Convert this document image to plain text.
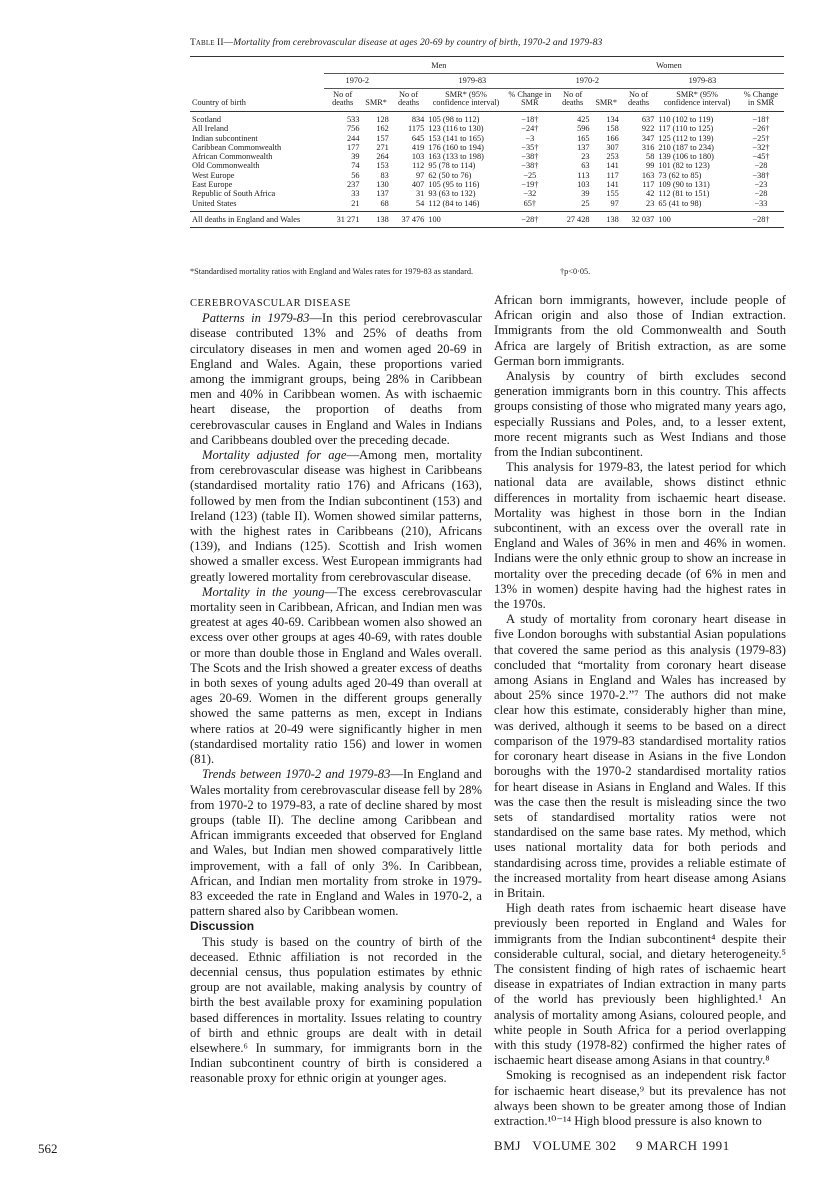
Table II—Mortality from cerebrovascular disease at ages 20-69 by country of birth, 1970-2 and 1979-83
	Men					Women				
	1970-2		1979-83			1970-2		1979-83		
Country of birth	No of deaths	SMR*	No of deaths	SMR* (95% confidence interval)	% Change in SMR	No of deaths	SMR*	No of deaths	SMR* (95% confidence interval)	% Change in SMR
Scotland	533	128	834	105 (98 to 112)	−18†	425	134	637	110 (102 to 119)	−18†
All Ireland	756	162	1175	123 (116 to 130)	−24†	596	158	922	117 (110 to 125)	−26†
Indian subcontinent	244	157	645	153 (141 to 165)	−3	165	166	347	125 (112 to 139)	−25†
Caribbean Commonwealth	177	271	419	176 (160 to 194)	−35†	137	307	316	210 (187 to 234)	−32†
African Commonwealth	39	264	103	163 (133 to 198)	−38†	23	253	58	139 (106 to 180)	−45†
Old Commonwealth	74	153	112	95 (78 to 114)	−38†	63	141	99	101 (82 to 123)	−28
West Europe	56	83	97	62 (50 to 76)	−25	113	117	163	73 (62 to 85)	−38†
East Europe	237	130	407	105 (95 to 116)	−19†	103	141	117	109 (90 to 131)	−23
Republic of South Africa	33	137	31	93 (63 to 132)	−32	39	155	42	112 (81 to 151)	−28
United States	21	68	54	112 (84 to 146)	65†	25	97	23	65 (41 to 98)	−33
All deaths in England and Wales	31 271	138	37 476	100	−28†	27 428	138	32 037	100	−28†
*Standardised mortality ratios with England and Wales rates for 1979-83 as standard.	†p<0·05.

CEREBROVASCULAR DISEASE

Patterns in 1979-83—In this period cerebrovascular disease contributed 13% and 25% of deaths from circulatory diseases in men and women aged 20-69 in England and Wales. Again, these proportions varied among the immigrant groups, being 28% in Caribbean men and 40% in Caribbean women. As with ischaemic heart disease, the proportion of deaths from cerebrovascular causes in England and Wales in Indians and Caribbeans doubled over the preceding decade.

Mortality adjusted for age—Among men, mortality from cerebrovascular disease was highest in Caribbeans (standardised mortality ratio 176) and Africans (163), followed by men from the Indian subcontinent (153) and Ireland (123) (table II). Women showed similar patterns, with the highest rates in Caribbeans (210), Africans (139), and Indians (125). Scottish and Irish women showed a smaller excess. West European immigrants had greatly lowered mortality from cerebrovascular disease.

Mortality in the young—The excess cerebrovascular mortality seen in Caribbean, African, and Indian men was greatest at ages 40-69. Caribbean women also showed an excess over other groups at ages 40-69, with rates double or more than double those in England and Wales overall. The Scots and the Irish showed a greater excess of deaths in both sexes of young adults aged 20-49 than overall at ages 20-69. Women in the different groups generally showed the same patterns as men, except in Indians where ratios at 20-49 were significantly higher in men (standardised mortality ratio 156) and lower in women (81).

Trends between 1970-2 and 1979-83—In England and Wales mortality from cerebrovascular disease fell by 28% from 1970-2 to 1979-83, a rate of decline shared by most groups (table II). The decline among Caribbean and African immigrants exceeded that observed for England and Wales, but Indian men showed comparatively little improvement, with a fall of only 3%. In Caribbean, African, and Indian men mortality from stroke in 1979-83 exceeded the rate in England and Wales in 1970-2, a pattern shared also by Caribbean women.

Discussion

This study is based on the country of birth of the deceased. Ethnic affiliation is not recorded in the decennial census, thus population estimates by ethnic group are not available, making analysis by country of birth the best available proxy for examining population based differences in mortality. Issues relating to country of birth and ethnic groups are dealt with in detail elsewhere.⁶ In summary, for immigrants born in the Indian subcontinent country of birth is considered a reasonable proxy for ethnic origin at younger ages.

African born immigrants, however, include people of African origin and also those of Indian extraction. Immigrants from the old Commonwealth and South Africa are largely of British extraction, as are some German born immigrants.

Analysis by country of birth excludes second generation immigrants born in this country. This affects groups consisting of those who migrated many years ago, especially Russians and Poles, and, to a lesser extent, more recent migrants such as West Indians and those from the Indian subcontinent.

This analysis for 1979-83, the latest period for which national data are available, shows distinct ethnic differences in mortality from ischaemic heart disease. Mortality was highest in those born in the Indian subcontinent, with an excess over the overall rate in England and Wales of 36% in men and 46% in women. Indians were the only ethnic group to show an increase in mortality over the preceding decade (of 6% in men and 13% in women) despite having had the highest rates in the 1970s.

A study of mortality from coronary heart disease in five London boroughs with substantial Asian populations that covered the same period as this analysis (1979-83) concluded that “mortality from coronary heart disease among Asians in England and Wales has increased by about 25% since 1970-2.”⁷ The authors did not make clear how this estimate, considerably higher than mine, was derived, although it seems to be based on a direct comparison of the 1979-83 standardised mortality ratios for coronary heart disease in Asians in the five London boroughs with the 1970-2 standardised mortality ratios for heart disease in Asians in England and Wales. If this was the case then the result is misleading since the two sets of standardised mortality ratios were not standardised on the same base rates. My method, which uses national mortality data for both periods and standardising across time, provides a reliable estimate of the increased mortality from heart disease among Asians in Britain.

High death rates from ischaemic heart disease have previously been reported in England and Wales for immigrants from the Indian subcontinent⁴ despite their considerable cultural, social, and dietary heterogeneity.⁵ The consistent finding of high rates of ischaemic heart disease in expatriates of Indian extraction in many parts of the world has previously been highlighted.¹ An analysis of mortality among Asians, coloured people, and white people in South Africa for a period overlapping with this study (1978-82) confirmed the higher rates of ischaemic heart disease among Asians in that country.⁸

Smoking is recognised as an independent risk factor for ischaemic heart disease,⁹ but its prevalence has not always been shown to be greater among those of Indian extraction.¹⁰⁻¹⁴ High blood pressure is also known to

562	BMJ   VOLUME 302     9 MARCH 1991
